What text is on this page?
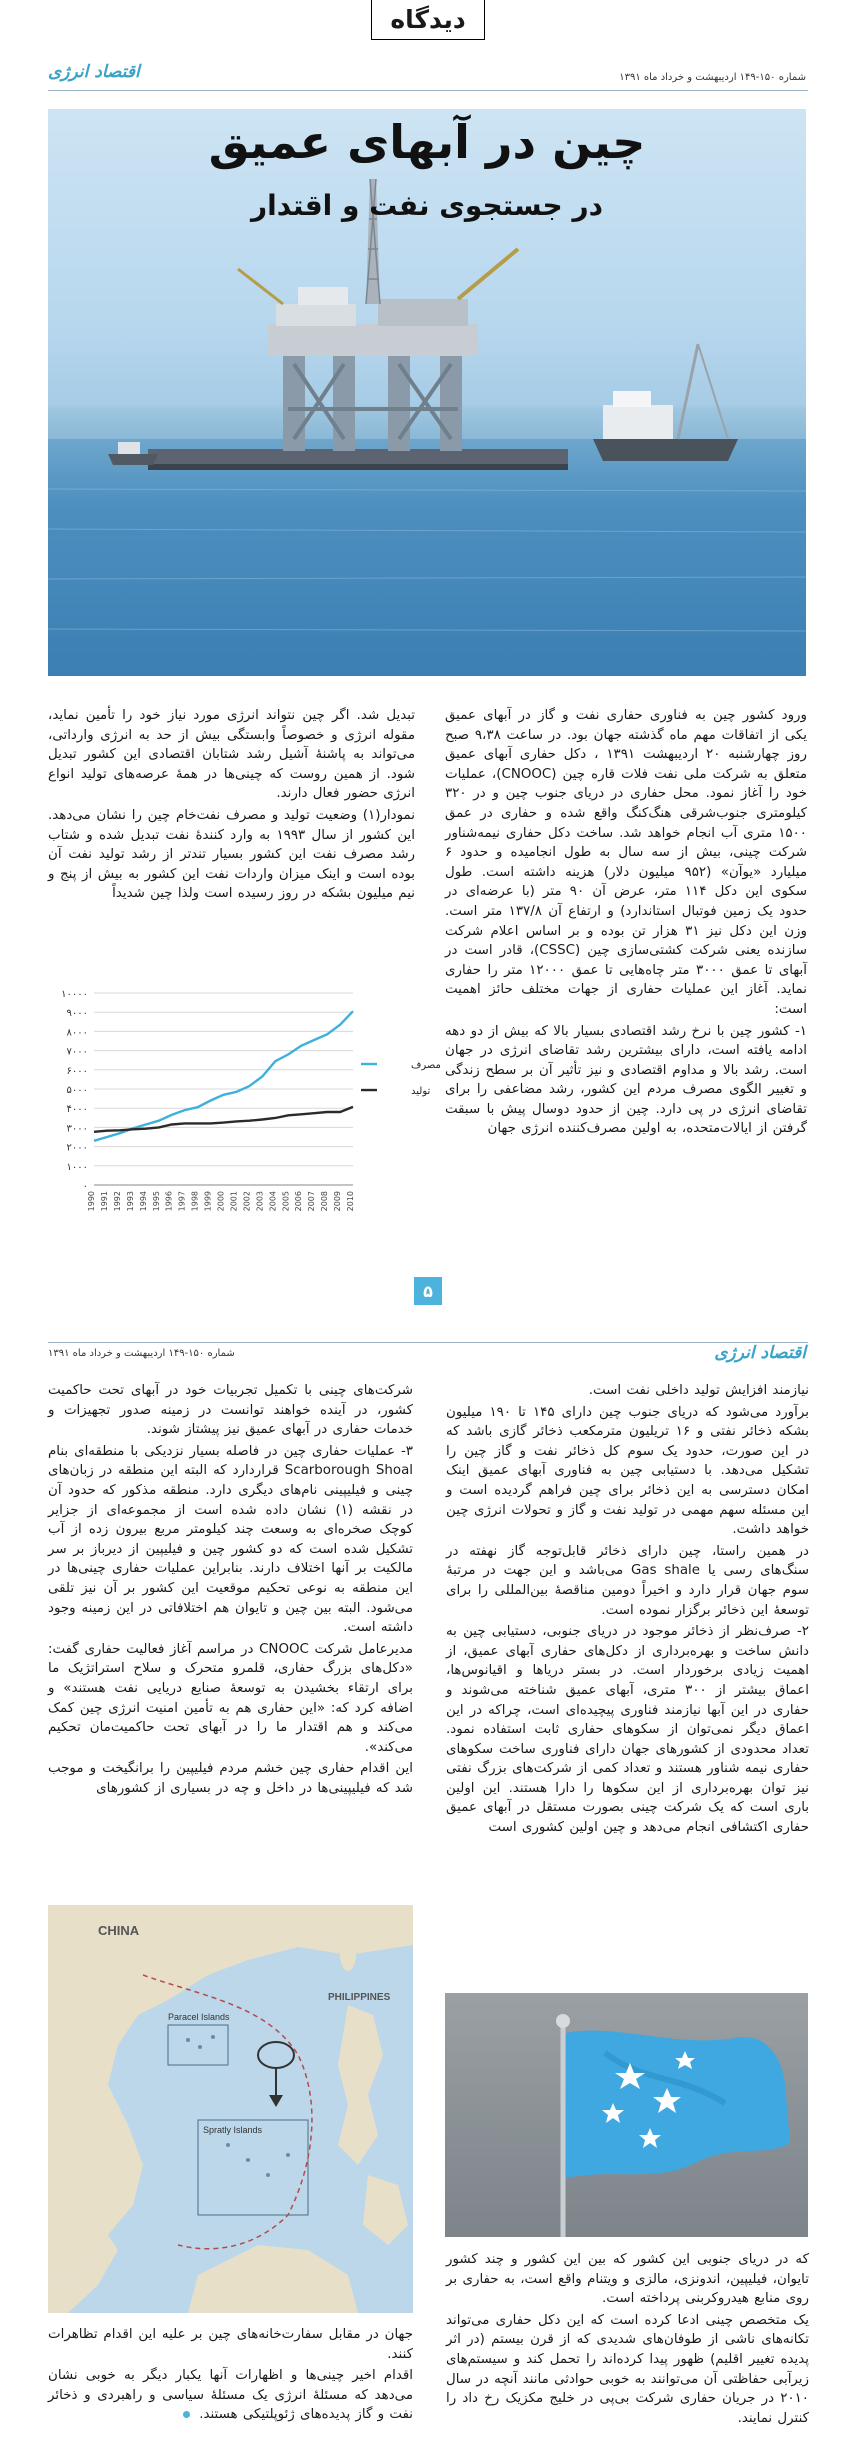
دیدگاه
اقتصاد انرژی	شماره ۱۵۰-۱۴۹ اردیبهشت و خرداد ماه ۱۳۹۱
چین در آبهای عمیق
در جستجوی نفت و اقتدار

ورود کشور چین به فناوری حفاری نفت و گاز در آبهای عمیق یکی از اتفاقات مهم ماه گذشته جهان بود. در ساعت ۹،۳۸ صبح روز چهارشنبه ۲۰ اردیبهشت ۱۳۹۱ ، دکل حفاری آبهای عمیق متعلق به شرکت ملی نفت فلات قاره چین (CNOOC)، عملیات خود را آغاز نمود. محل حفاری در دریای جنوب چین و در ۳۲۰ کیلومتری جنوب‌شرقی هنگ‌کنگ واقع شده و حفاری در عمق ۱۵۰۰ متری آب انجام خواهد شد. ساخت دکل حفاری نیمه‌شناور شرکت چینی، بیش از سه سال به طول انجامیده و حدود ۶ میلیارد «یوآن» (۹۵۲ میلیون دلار) هزینه داشته است. طول سکوی این دکل ۱۱۴ متر، عرض آن ۹۰ متر (با عرضه‌ای در حدود یک زمین فوتبال استاندارد) و ارتفاع آن ۱۳۷/۸ متر است. وزن این دکل نیز ۳۱ هزار تن بوده و بر اساس اعلام شرکت سازنده یعنی شرکت کشتی‌سازی چین (CSSC)، قادر است در آبهای تا عمق ۳۰۰۰ متر چاه‌هایی تا عمق ۱۲۰۰۰ متر را حفاری نماید. آغاز این عملیات حفاری از جهات مختلف حائز اهمیت است:

۱- کشور چین با نرخ رشد اقتصادی بسیار بالا که بیش از دو دهه ادامه یافته است، دارای بیشترین رشد تقاضای انرژی در جهان است. رشد بالا و مداوم اقتصادی و نیز تأثیر آن بر سطح زندگی و تغییر الگوی مصرف مردم این کشور، رشد مضاعفی را برای تقاضای انرژی در پی دارد. چین از حدود دوسال پیش با سبقت گرفتن از ایالات‌متحده، به اولین مصرف‌کننده انرژی جهان

تبدیل شد. اگر چین نتواند انرژی مورد نیاز خود را تأمین نماید، مقوله انرژی و خصوصاً وابستگی بیش از حد به انرژی وارداتی، می‌تواند به پاشنهٔ آشیل رشد شتابان اقتصادی این کشور تبدیل شود. از همین روست که چینی‌ها در همهٔ عرصه‌های تولید انواع انرژی حضور فعال دارند.

نمودار(۱) وضعیت تولید و مصرف نفت‌خام چین را نشان می‌دهد. این کشور از سال ۱۹۹۳ به وارد کنندهٔ نفت تبدیل شده و شتاب رشد مصرف نفت این کشور بسیار تندتر از رشد تولید نفت آن بوده است و اینک میزان واردات نفت این کشور به بیش از پنج و نیم میلیون بشکه در روز رسیده است ولذا چین شدیداً

۰
۱۰۰۰
۲۰۰۰
۳۰۰۰
۴۰۰۰
۵۰۰۰
۶۰۰۰
۷۰۰۰
۸۰۰۰
۹۰۰۰
۱۰۰۰۰
1990 1991 1992 1993 1994 1995 1996 1997 1998 1999 2000 2001 2002 2003 2004 2005 2006 2007 2008 2009 2010
مصرف
تولید
۵
شماره ۱۵۰-۱۴۹ اردیبهشت و خرداد ماه ۱۳۹۱	اقتصاد انرژی

نیازمند افزایش تولید داخلی نفت است.

برآورد می‌شود که دریای جنوب چین دارای ۱۴۵ تا ۱۹۰ میلیون بشکه ذخائر نفتی و ۱۶ تریلیون مترمکعب ذخائر گازی باشد که در این صورت، حدود یک سوم کل ذخائر نفت و گاز چین را تشکیل می‌دهد. با دستیابی چین به فناوری آبهای عمیق اینک امکان دسترسی به این ذخائر برای چین فراهم گردیده است و این مسئله سهم مهمی در تولید نفت و گاز و تحولات انرژی چین خواهد داشت.

در همین راستا، چین دارای ذخائر قابل‌توجه گاز نهفته در سنگ‌های رسی یا Gas shale می‌باشد و این جهت در مرتبهٔ سوم جهان قرار دارد و اخیراً دومین مناقصهٔ بین‌المللی را برای توسعهٔ این ذخائر برگزار نموده است.

۲- صرف‌نظر از ذخائر موجود در دریای جنوبی، دستیابی چین به دانش ساخت و بهره‌برداری از دکل‌های حفاری آبهای عمیق، از اهمیت زیادی برخوردار است. در بستر دریاها و اقیانوس‌ها، اعماق بیشتر از ۳۰۰ متری، آبهای عمیق شناخته می‌شوند و حفاری در این آبها نیازمند فناوری پیچیده‌ای است، چراکه در این اعماق دیگر نمی‌توان از سکوهای حفاری ثابت استفاده نمود. تعداد محدودی از کشورهای جهان دارای فناوری ساخت سکوهای حفاری نیمه شناور هستند و تعداد کمی از شرکت‌های بزرگ نفتی نیز توان بهره‌برداری از این سکوها را دارا هستند. این اولین باری است که یک شرکت چینی بصورت مستقل در آبهای عمیق حفاری اکتشافی انجام می‌دهد و چین اولین کشوری است

که در دریای جنوبی این کشور که بین این کشور و چند کشور تایوان، فیلیپین، اندونزی، مالزی و ویتنام واقع است، به حفاری بر روی منابع هیدروکربنی پرداخته است.

یک متخصص چینی ادعا کرده است که این دکل حفاری می‌تواند تکانه‌های ناشی از طوفان‌های شدیدی که از قرن بیستم (در اثر پدیده تغییر اقلیم) ظهور پیدا کرده‌اند را تحمل کند و سیستم‌های زیرآبی حفاظتی آن می‌توانند به خوبی حوادثی مانند آنچه در سال ۲۰۱۰ در جریان حفاری شرکت بی‌پی در خلیج مکزیک رخ داد را کنترل نمایند.

شرکت‌های چینی با تکمیل تجربیات خود در آبهای تحت حاکمیت کشور، در آینده خواهند توانست در زمینه صدور تجهیزات و خدمات حفاری در آبهای عمیق نیز پیشتاز شوند.

۳- عملیات حفاری چین در فاصله بسیار نزدیکی با منطقه‌ای بنام Scarborough Shoal قراردارد که البته این منطقه در زبان‌های چینی و فیلیپینی نام‌های دیگری دارد. منطقه مذکور که حدود آن در نقشه (۱) نشان داده شده است از مجموعه‌ای از جزایر کوچک صخره‌ای به وسعت چند کیلومتر مربع بیرون زده از آب تشکیل شده است که دو کشور چین و فیلیپین از دیرباز بر سر مالکیت بر آنها اختلاف دارند. بنابراین عملیات حفاری چینی‌ها در این منطقه به نوعی تحکیم موقعیت این کشور بر آن نیز تلقی می‌شود. البته بین چین و تایوان هم اختلافاتی در این زمینه وجود داشته است.

مدیرعامل شرکت CNOOC در مراسم آغاز فعالیت حفاری گفت: «دکل‌های بزرگ حفاری، قلمرو متحرک و سلاح استراتژیک ما برای ارتقاء بخشیدن به توسعهٔ صنایع دریایی نفت هستند» و اضافه کرد که: «این حفاری هم به تأمین امنیت انرژی چین کمک می‌کند و هم اقتدار ما را در آبهای تحت حاکمیت‌مان تحکیم می‌کند».

این اقدام حفاری چین خشم مردم فیلیپین را برانگیخت و موجب شد که فیلیپینی‌ها در داخل و چه در بسیاری از کشورهای

CHINA
Paracel Islands
Spratly Islands
PHILIPPINES

جهان در مقابل سفارت‌خانه‌های چین بر علیه این اقدام تظاهرات کنند.

اقدام اخیر چینی‌ها و اظهارات آنها یکبار دیگر به خوبی نشان می‌دهد که مسئلهٔ انرژی یک مسئلهٔ سیاسی و راهبردی و ذخائر نفت و گاز پدیده‌های ژئوپلتیکی هستند.
